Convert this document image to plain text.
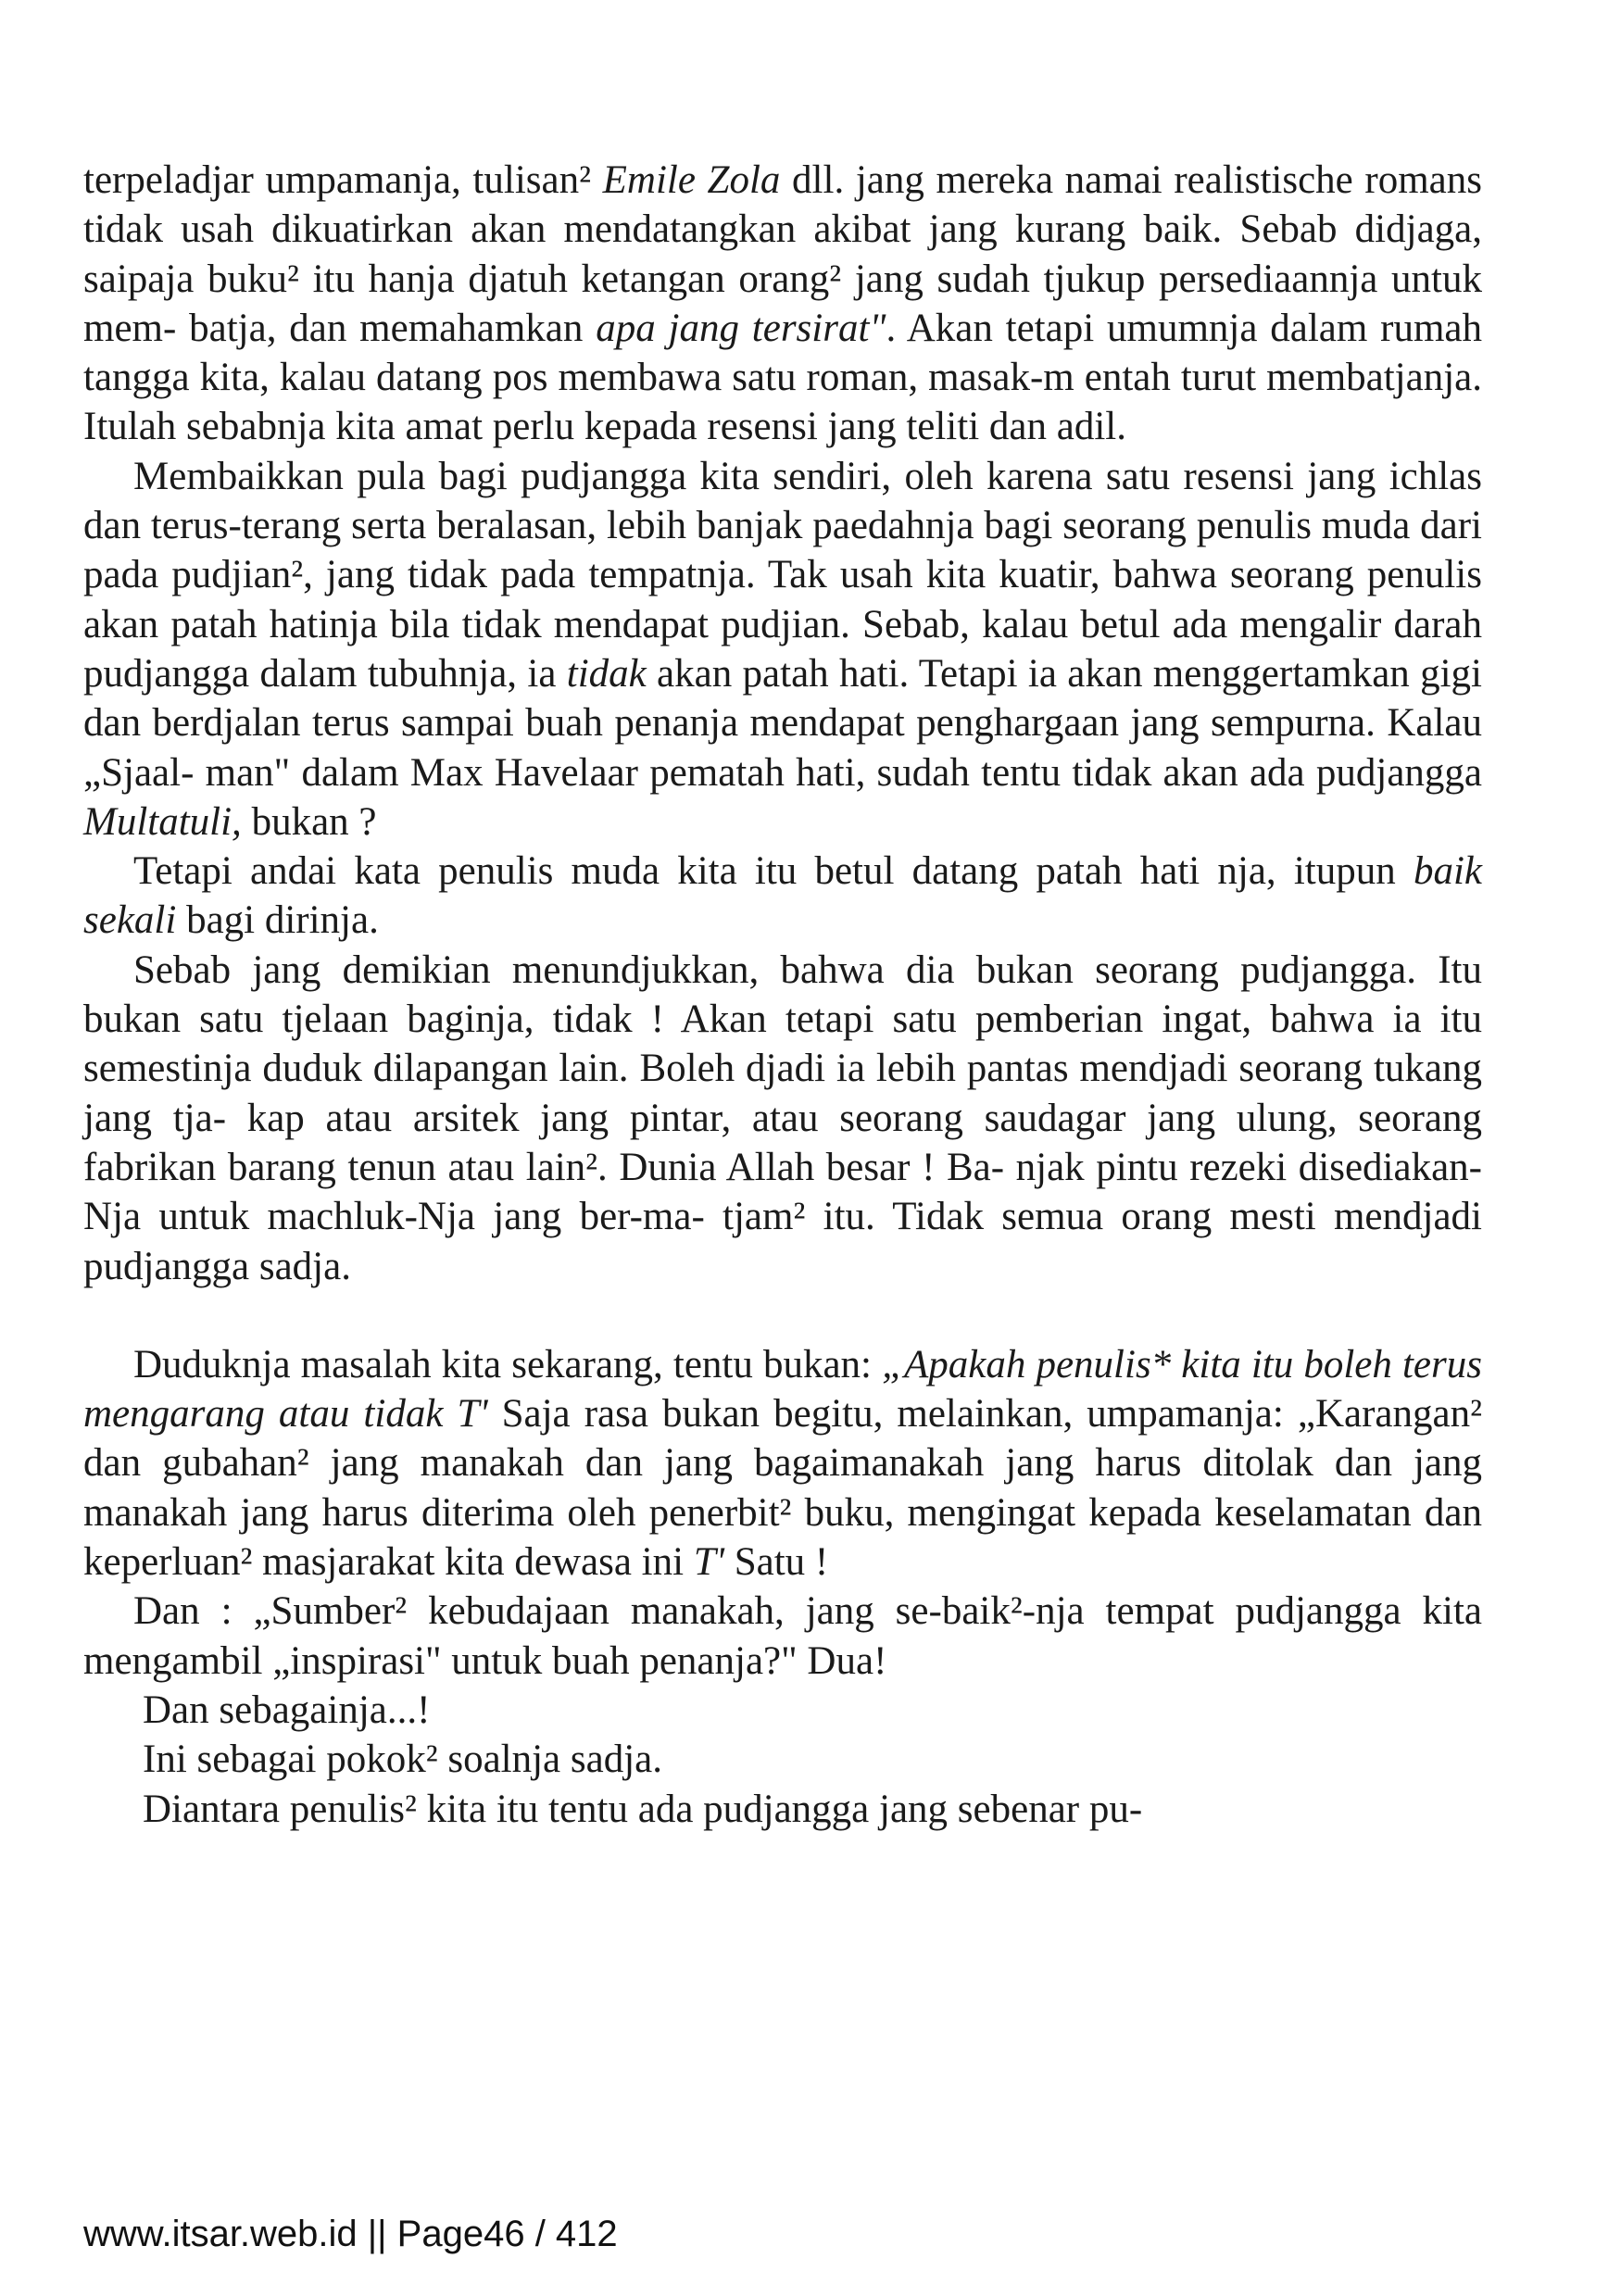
terpeladjar umpamanja, tulisan² Emile Zola dll. jang mereka namai realistische romans tidak usah dikuatirkan akan mendatangkan akibat jang kurang baik. Sebab didjaga, saipaja buku² itu hanja djatuh ketangan orang² jang sudah tjukup persediaannja untuk mem- batja, dan memahamkan apa jang tersirat". Akan tetapi umumnja dalam rumah tangga kita, kalau datang pos membawa satu roman, masak-m entah turut membatjanja. Itulah sebabnja kita amat perlu kepada resensi jang teliti dan adil.

Membaikkan pula bagi pudjangga kita sendiri, oleh karena satu resensi jang ichlas dan terus-terang serta beralasan, lebih banjak paedahnja bagi seorang penulis muda dari pada pudjian², jang tidak pada tempatnja. Tak usah kita kuatir, bahwa seorang penulis akan patah hatinja bila tidak mendapat pudjian. Sebab, kalau betul ada mengalir darah pudjangga dalam tubuhnja, ia tidak akan patah hati. Tetapi ia akan menggertamkan gigi dan berdjalan terus sampai buah penanja mendapat penghargaan jang sempurna. Kalau „Sjaal- man" dalam Max Havelaar pematah hati, sudah tentu tidak akan ada pudjangga Multatuli, bukan ?

Tetapi andai kata penulis muda kita itu betul datang patah hati nja, itupun baik sekali bagi dirinja.

Sebab jang demikian menundjukkan, bahwa dia bukan seorang pudjangga. Itu bukan satu tjelaan baginja, tidak ! Akan tetapi satu pemberian ingat, bahwa ia itu semestinja duduk dilapangan lain. Boleh djadi ia lebih pantas mendjadi seorang tukang jang tja- kap atau arsitek jang pintar, atau seorang saudagar jang ulung, seorang fabrikan barang tenun atau lain². Dunia Allah besar ! Ba- njak pintu rezeki disediakan-Nja untuk machluk-Nja jang ber-ma- tjam² itu. Tidak semua orang mesti mendjadi pudjangga sadja.

Duduknja masalah kita sekarang, tentu bukan: „Apakah penulis* kita itu boleh terus mengarang atau tidak T' Saja rasa bukan begitu, melainkan, umpamanja: „Karangan² dan gubahan² jang manakah dan jang bagaimanakah jang harus ditolak dan jang manakah jang harus diterima oleh penerbit² buku, mengingat kepada keselamatan dan keperluan² masjarakat kita dewasa ini T' Satu !

Dan : „Sumber² kebudajaan manakah, jang se-baik²-nja tempat pudjangga kita mengambil „inspirasi" untuk buah penanja?" Dua!

Dan sebagainja...!

Ini sebagai pokok² soalnja sadja.

Diantara penulis² kita itu tentu ada pudjangga jang sebenar pu-

www.itsar.web.id || Page46 / 412
